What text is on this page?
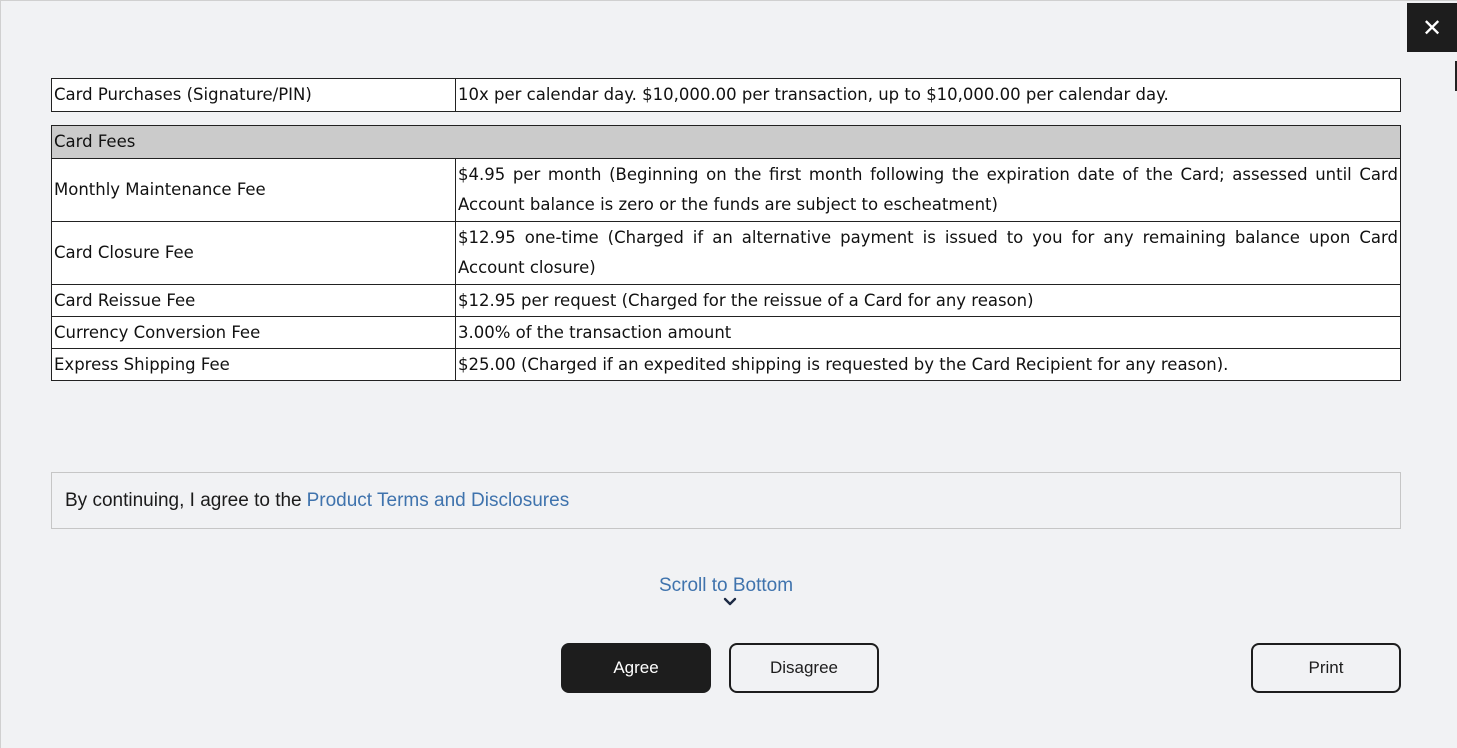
✕
Card Purchases (Signature/PIN)	10x per calendar day. $10,000.00 per transaction, up to $10,000.00 per calendar day.
Card Fees	
Monthly Maintenance Fee	$4.95 per month (Beginning on the first month following the expiration date of the Card; assessed until Card Account balance is zero or the funds are subject to escheatment)
Card Closure Fee	$12.95 one-time (Charged if an alternative payment is issued to you for any remaining balance upon Card Account closure)
Card Reissue Fee	$12.95 per request (Charged for the reissue of a Card for any reason)
Currency Conversion Fee	3.00% of the transaction amount
Express Shipping Fee	$25.00 (Charged if an expedited shipping is requested by the Card Recipient for any reason).
By continuing, I agree to the Product Terms and Disclosures
Scroll to Bottom
Agree	Disagree	Print
